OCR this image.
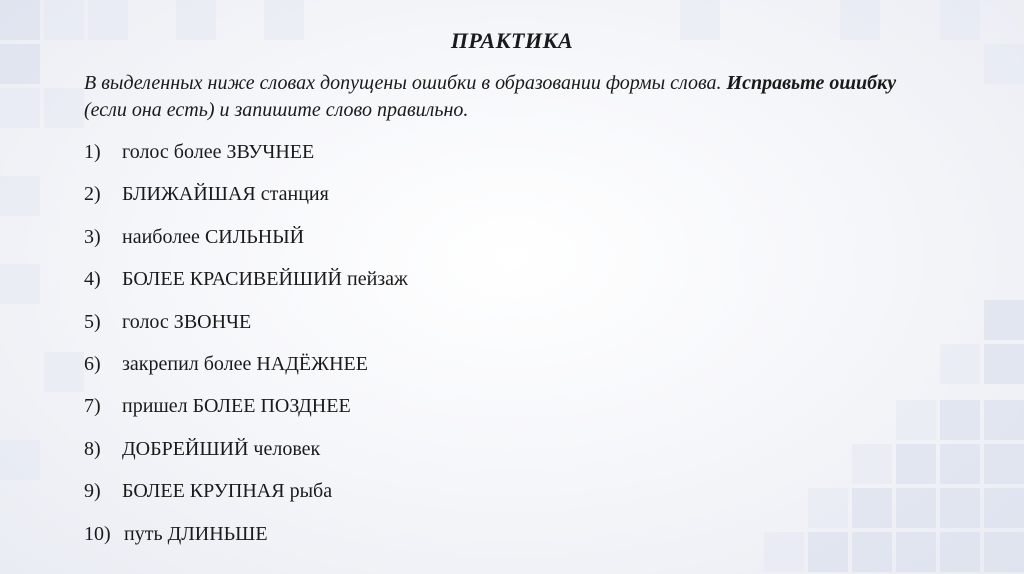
ПРАКТИКА
В выделенных ниже словах допущены ошибки в образовании формы слова. Исправьте ошибку (если она есть) и запишите слово правильно.
1) голос более ЗВУЧНЕЕ
2) БЛИЖАЙШАЯ станция
3) наиболее СИЛЬНЫЙ
4) БОЛЕЕ КРАСИВЕЙШИЙ пейзаж
5) голос ЗВОНЧЕ
6) закрепил более НАДЁЖНЕЕ
7) пришел БОЛЕЕ ПОЗДНЕЕ
8) ДОБРЕЙШИЙ человек
9) БОЛЕЕ КРУПНАЯ рыба
10) путь ДЛИНЬШЕ
